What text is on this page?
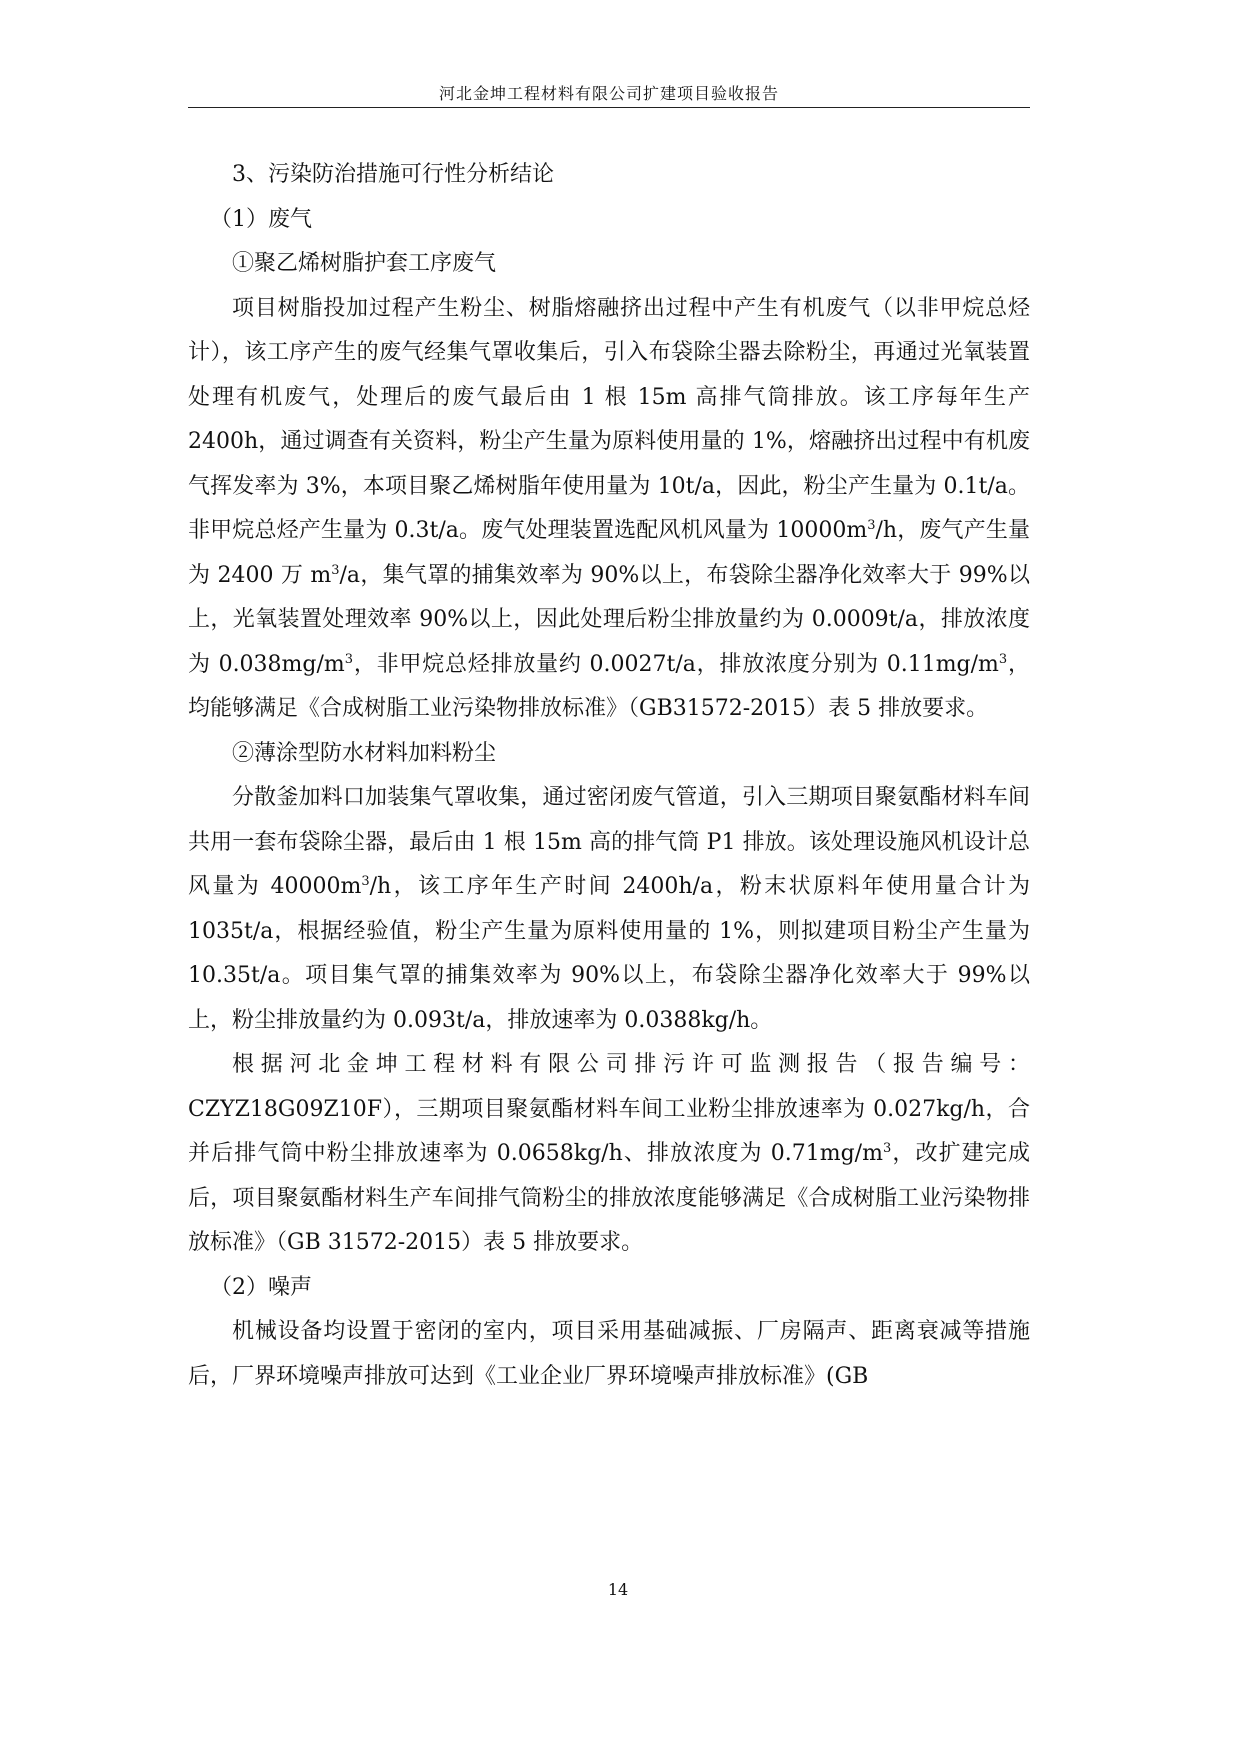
河北金坤工程材料有限公司扩建项目验收报告

3、污染防治措施可行性分析结论

（1）废气

①聚乙烯树脂护套工序废气

项目树脂投加过程产生粉尘、树脂熔融挤出过程中产生有机废气（以非甲烷总烃计），该工序产生的废气经集气罩收集后，引入布袋除尘器去除粉尘，再通过光氧装置处理有机废气，处理后的废气最后由 1 根 15m 高排气筒排放。该工序每年生产 2400h，通过调查有关资料，粉尘产生量为原料使用量的 1%，熔融挤出过程中有机废气挥发率为 3%，本项目聚乙烯树脂年使用量为 10t/a，因此，粉尘产生量为 0.1t/a。非甲烷总烃产生量为 0.3t/a。废气处理装置选配风机风量为 $10000m^3/h$，废气产生量为 2400 万 $m^3/a$，集气罩的捕集效率为 90%以上，布袋除尘器净化效率大于 99%以上，光氧装置处理效率 90%以上，因此处理后粉尘排放量约为 0.0009t/a，排放浓度为 $0.038mg/m^3$，非甲烷总烃排放量约 0.0027t/a，排放浓度分别为 $0.11mg/m^3$，均能够满足《合成树脂工业污染物排放标准》（GB31572-2015）表 5 排放要求。

②薄涂型防水材料加料粉尘

分散釜加料口加装集气罩收集，通过密闭废气管道，引入三期项目聚氨酯材料车间共用一套布袋除尘器，最后由 1 根 15m 高的排气筒 P1 排放。该处理设施风机设计总风量为 $40000m^3/h$，该工序年生产时间 2400h/a，粉末状原料年使用量合计为 1035t/a，根据经验值，粉尘产生量为原料使用量的 1%，则拟建项目粉尘产生量为 10.35t/a。项目集气罩的捕集效率为 90%以上，布袋除尘器净化效率大于 99%以上，粉尘排放量约为 0.093t/a，排放速率为 0.0388kg/h。

根据河北金坤工程材料有限公司排污许可监测报告（报告编号：

CZYZ18G09Z10F），三期项目聚氨酯材料车间工业粉尘排放速率为 0.027kg/h，合并后排气筒中粉尘排放速率为 0.0658kg/h、排放浓度为 $0.71mg/m^3$，改扩建完成后，项目聚氨酯材料生产车间排气筒粉尘的排放浓度能够满足《合成树脂工业污染物排放标准》（GB 31572-2015）表 5 排放要求。

（2）噪声

机械设备均设置于密闭的室内，项目采用基础减振、厂房隔声、距离衰减等措施后，厂界环境噪声排放可达到《工业企业厂界环境噪声排放标准》(GB

14
